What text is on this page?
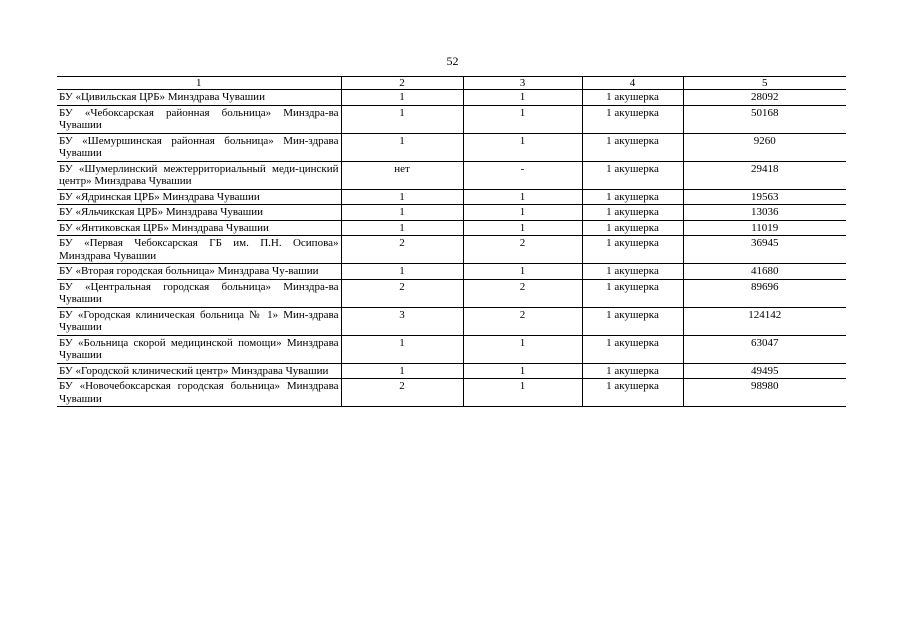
52
1	2	3	4	5
БУ «Цивильская ЦРБ» Минздрава Чувашии	1	1	1 акушерка	28092
БУ «Чебоксарская районная больница» Минздра-ва Чувашии	1	1	1 акушерка	50168
БУ «Шемуршинская районная больница» Мин-здрава Чувашии	1	1	1 акушерка	9260
БУ «Шумерлинский межтерриториальный меди-цинский центр» Минздрава Чувашии	нет	-	1 акушерка	29418
БУ «Ядринская ЦРБ» Минздрава Чувашии	1	1	1 акушерка	19563
БУ «Яльчикская ЦРБ» Минздрава Чувашии	1	1	1 акушерка	13036
БУ «Янтиковская ЦРБ» Минздрава Чувашии	1	1	1 акушерка	11019
БУ «Первая Чебоксарская ГБ им. П.Н. Осипова» Минздрава Чувашии	2	2	1 акушерка	36945
БУ «Вторая городская больница» Минздрава Чу-вашии	1	1	1 акушерка	41680
БУ «Центральная городская больница» Минздра-ва Чувашии	2	2	1 акушерка	89696
БУ «Городская клиническая больница № 1» Мин-здрава Чувашии	3	2	1 акушерка	124142
БУ «Больница скорой медицинской помощи» Минздрава Чувашии	1	1	1 акушерка	63047
БУ «Городской клинический центр» Минздрава Чувашии	1	1	1 акушерка	49495
БУ «Новочебоксарская городская больница» Минздрава Чувашии	2	1	1 акушерка	98980
